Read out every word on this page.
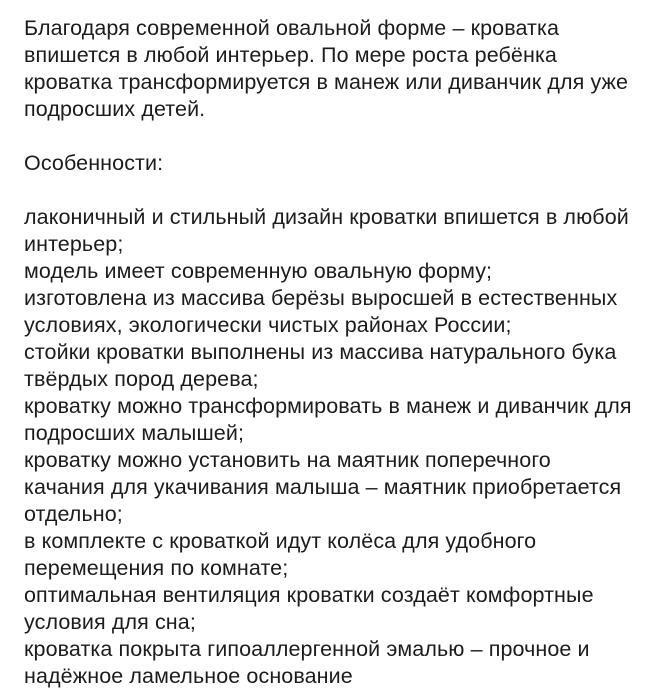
Благодаря современной овальной форме – кроватка впишется в любой интерьер. По мере роста ребёнка кроватка трансформируется в манеж или диванчик для уже подросших детей.

Особенности:

лаконичный и стильный дизайн кроватки впишется в любой интерьер;
модель имеет современную овальную форму;
изготовлена из массива берёзы выросшей в естественных условиях, экологически чистых районах России;
стойки кроватки выполнены из массива натурального бука твёрдых пород дерева;
кроватку можно трансформировать в манеж и диванчик для подросших малышей;
кроватку можно установить на маятник поперечного качания для укачивания малыша – маятник приобретается отдельно;
в комплекте с кроваткой идут колёса для удобного перемещения по комнате;
оптимальная вентиляция кроватки создаёт комфортные условия для сна;
кроватка покрыта гипоаллергенной эмалью – прочное и надёжное ламельное основание
